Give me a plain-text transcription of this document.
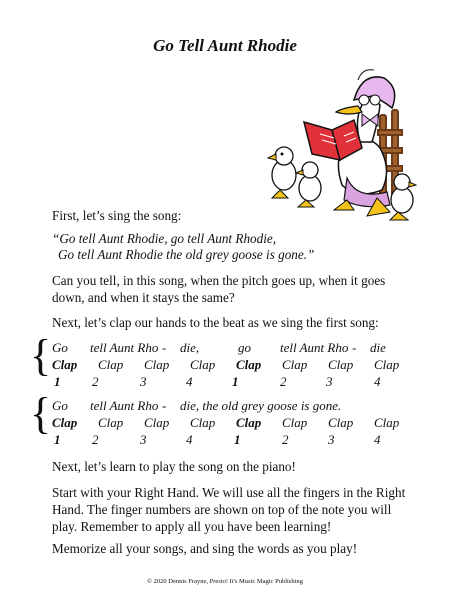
Go Tell Aunt Rhodie
First, let’s sing the song:
“Go tell Aunt Rhodie, go tell Aunt Rhodie,
Go tell Aunt Rhodie the old grey goose is gone.”
Can you tell, in this song, when the pitch goes up, when it goes down, and when it stays the same?
Next, let’s clap our hands to the beat as we sing the first song:
{ Go tell Aunt Rho - die,	go tell Aunt Rho - die
Clap Clap Clap Clap Clap Clap Clap Clap
1 2	3	4	1	2	3	4
{ Go tell Aunt Rho - die, the old grey goose is gone.
Clap Clap Clap Clap Clap Clap Clap Clap
1 2	3	4	1	2	3	4
Next, let’s learn to play the song on the piano!
Start with your Right Hand. We will use all the fingers in the Right Hand. The finger numbers are shown on top of the note you will play. Remember to apply all you have been learning!
Memorize all your songs, and sing the words as you play!
© 2020 Dennis Frayne, Presto! It's Music Magic Publishing
